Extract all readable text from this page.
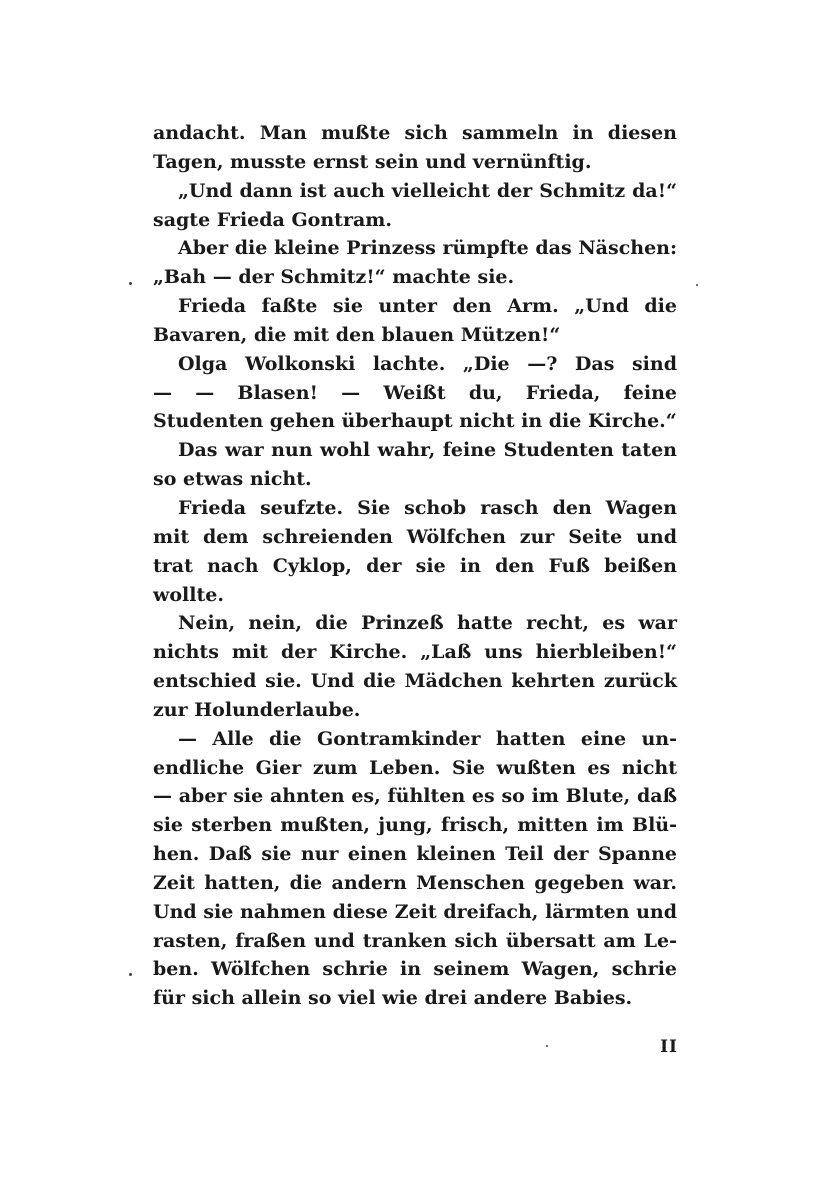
andacht. Man mußte sich sammeln in diesen
Tagen, musste ernst sein und vernünftig.
„Und dann ist auch vielleicht der Schmitz da!“
sagte Frieda Gontram.
Aber die kleine Prinzess rümpfte das Näschen:
„Bah — der Schmitz!“ machte sie.
Frieda faßte sie unter den Arm. „Und die
Bavaren, die mit den blauen Mützen!“
Olga Wolkonski lachte. „Die —? Das sind
— — Blasen! — Weißt du, Frieda, feine
Studenten gehen überhaupt nicht in die Kirche.“
Das war nun wohl wahr, feine Studenten taten
so etwas nicht.
Frieda seufzte. Sie schob rasch den Wagen
mit dem schreienden Wölfchen zur Seite und
trat nach Cyklop, der sie in den Fuß beißen
wollte.
Nein, nein, die Prinzeß hatte recht, es war
nichts mit der Kirche. „Laß uns hierbleiben!“
entschied sie. Und die Mädchen kehrten zurück
zur Holunderlaube.
— Alle die Gontramkinder hatten eine un-
endliche Gier zum Leben. Sie wußten es nicht
— aber sie ahnten es, fühlten es so im Blute, daß
sie sterben mußten, jung, frisch, mitten im Blü-
hen. Daß sie nur einen kleinen Teil der Spanne
Zeit hatten, die andern Menschen gegeben war.
Und sie nahmen diese Zeit dreifach, lärmten und
rasten, fraßen und tranken sich übersatt am Le-
ben. Wölfchen schrie in seinem Wagen, schrie
für sich allein so viel wie drei andere Babies.
II
